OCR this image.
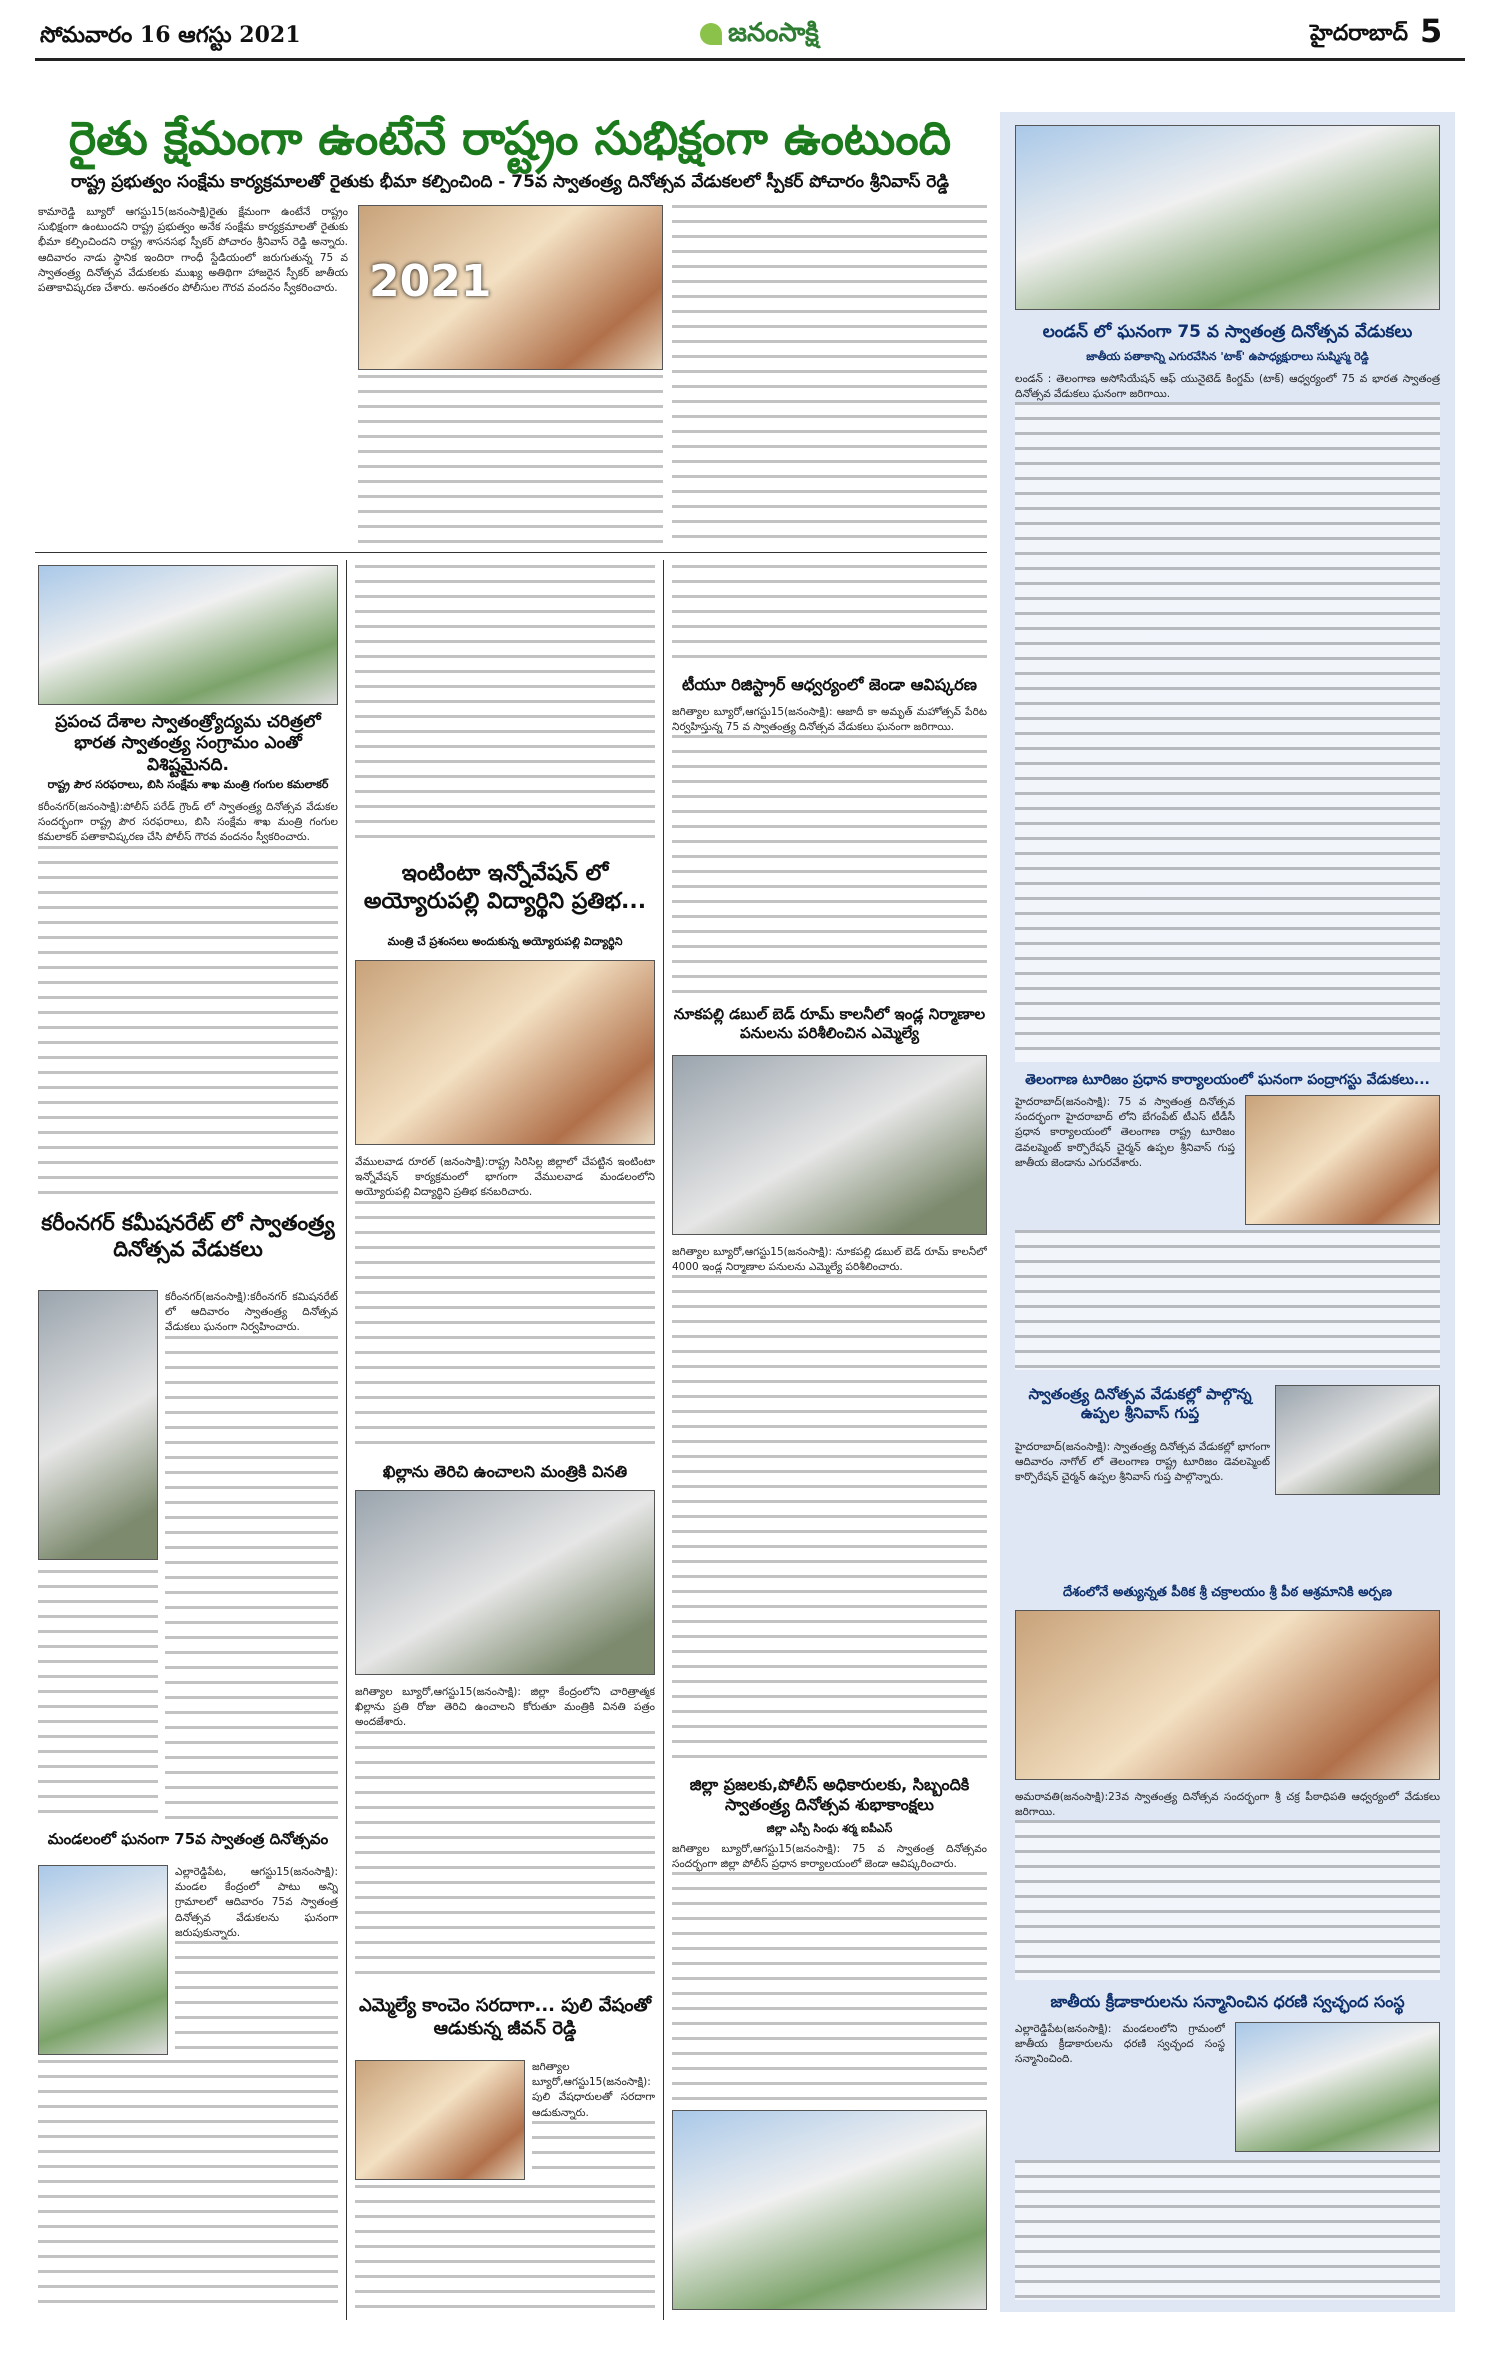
సోమవారం 16 ఆగస్టు 2021	జనంసాక్షి	హైదరాబాద్ 5
రైతు క్షేమంగా ఉంటేనే రాష్ట్రం సుభిక్షంగా ఉంటుంది
రాష్ట్ర ప్రభుత్వం సంక్షేమ కార్యక్రమాలతో రైతుకు భీమా కల్పించింది - 75వ స్వాతంత్ర్య దినోత్సవ వేడుకలలో స్పీకర్ పోచారం శ్రీనివాస్ రెడ్డి
కామారెడ్డి బ్యూరో ఆగస్టు15(జనంసాక్షి)రైతు క్షేమంగా ఉంటేనే రాష్ట్రం సుభిక్షంగా ఉంటుందని రాష్ట్ర ప్రభుత్వం అనేక సంక్షేమ కార్యక్రమాలతో రైతుకు భీమా కల్పించిందని రాష్ట్ర శాసనసభ స్పీకర్ పోచారం శ్రీనివాస్ రెడ్డి అన్నారు. ఆదివారం నాడు స్థానిక ఇందిరా గాంధీ స్టేడియంలో జరుగుతున్న 75 వ స్వాతంత్ర్య దినోత్సవ వేడుకలకు ముఖ్య అతిథిగా హాజరైన స్పీకర్ జాతీయ పతాకావిష్కరణ చేశారు. అనంతరం పోలీసుల గౌరవ వందనం స్వీకరించారు. 2021
ప్రపంచ దేశాల స్వాతంత్ర్యోద్యమ చరిత్రలో భారత స్వాతంత్ర్య సంగ్రామం ఎంతో విశిష్టమైనది.
రాష్ట్ర పౌర సరఫరాలు, బిసి సంక్షేమ శాఖ మంత్రి గంగుల కమలాకర్
కరీంనగర్(జనంసాక్షి):పోలీస్ పరేడ్ గ్రౌండ్ లో స్వాతంత్ర్య దినోత్సవ వేడుకల సందర్భంగా రాష్ట్ర పౌర సరఫరాలు, బిసి సంక్షేమ శాఖ మంత్రి గంగుల కమలాకర్ పతాకావిష్కరణ చేసి పోలీస్ గౌరవ వందనం స్వీకరించారు.
కరీంనగర్ కమీషనరేట్ లో స్వాతంత్ర్య దినోత్సవ వేడుకలు
కరీంనగర్(జనంసాక్షి):కరీంనగర్ కమిషనరేట్ లో ఆదివారం స్వాతంత్ర్య దినోత్సవ వేడుకలు ఘనంగా నిర్వహించారు.
మండలంలో ఘనంగా 75వ స్వాతంత్ర దినోత్సవం
ఎల్లారెడ్డిపేట, ఆగస్టు15(జనంసాక్షి): మండల కేంద్రంలో పాటు అన్ని గ్రామాలలో ఆదివారం 75వ స్వాతంత్ర దినోత్సవ వేడుకలను ఘనంగా జరుపుకున్నారు.
ఇంటింటా ఇన్నోవేషన్ లో అయ్యోరుపల్లి విద్యార్థిని ప్రతిభ...
మంత్రి చే ప్రశంసలు అందుకున్న అయ్యోరుపల్లి విద్యార్థిని
వేములవాడ రూరల్ (జనంసాక్షి):రాష్ట్ర సిరిసిల్ల జిల్లాలో చేపట్టిన ఇంటింటా ఇన్నోవేషన్ కార్యక్రమంలో భాగంగా వేములవాడ మండలంలోని అయ్యోరుపల్లి విద్యార్థిని ప్రతిభ కనబరిచారు.
ఖిల్లాను తెరిచి ఉంచాలని మంత్రికి వినతి
జగిత్యాల బ్యూరో,ఆగస్టు15(జనంసాక్షి): జిల్లా కేంద్రంలోని చారిత్రాత్మక ఖిల్లాను ప్రతి రోజు తెరిచి ఉంచాలని కోరుతూ మంత్రికి వినతి పత్రం అందజేశారు.
ఎమ్మెల్యే కాంచెం సరదాగా... పులి వేషంతో ఆడుకున్న జీవన్ రెడ్డి
జగిత్యాల బ్యూరో,ఆగస్టు15(జనంసాక్షి): పులి వేషధారులతో సరదాగా ఆడుకున్నారు.
టీయూ రిజిస్ట్రార్ ఆధ్వర్యంలో జెండా ఆవిష్కరణ
జగిత్యాల బ్యూరో,ఆగస్టు15(జనంసాక్షి): ఆజాదీ కా అమృత్ మహోత్సవ్ పేరిట నిర్వహిస్తున్న 75 వ స్వాతంత్ర్య దినోత్సవ వేడుకలు ఘనంగా జరిగాయి.
నూకపల్లి డబుల్ బెడ్ రూమ్ కాలనీలో ఇండ్ల నిర్మాణాల పనులను పరిశీలించిన ఎమ్మెల్యే
జగిత్యాల బ్యూరో,ఆగస్టు15(జనంసాక్షి): నూకపల్లి డబుల్ బెడ్ రూమ్ కాలనీలో 4000 ఇండ్ల నిర్మాణాల పనులను ఎమ్మెల్యే పరిశీలించారు.
జిల్లా ప్రజలకు,పోలీస్ అధికారులకు, సిబ్బందికి స్వాతంత్ర్య దినోత్సవ శుభాకాంక్షలు
జిల్లా ఎస్పీ సింధు శర్మ ఐపీఎస్
జగిత్యాల బ్యూరో,ఆగస్టు15(జనంసాక్షి): 75 వ స్వాతంత్ర దినోత్సవం సందర్భంగా జిల్లా పోలీస్ ప్రధాన కార్యాలయంలో జెండా ఆవిష్కరించారు.
లండన్ లో ఘనంగా 75 వ స్వాతంత్ర దినోత్సవ వేడుకలు
జాతీయ పతాకాన్ని ఎగురవేసిన 'టాక్' ఉపాధ్యక్షురాలు సుష్మిస్మ రెడ్డి
లండన్ : తెలంగాణ అసోసియేషన్ ఆఫ్ యునైటెడ్ కింగ్డమ్ (టాక్) ఆధ్వర్యంలో 75 వ భారత స్వాతంత్ర దినోత్సవ వేడుకలు ఘనంగా జరిగాయి.
తెలంగాణ టూరిజం ప్రధాన కార్యాలయంలో ఘనంగా పంద్రాగస్టు వేడుకలు...
హైదరాబాద్(జనంసాక్షి): 75 వ స్వాతంత్ర దినోత్సవ సందర్భంగా హైదరాబాద్ లోని బేగంపేట్ టీఎస్ టీడీసీ ప్రధాన కార్యాలయంలో తెలంగాణ రాష్ట్ర టూరిజం డెవలప్మెంట్ కార్పొరేషన్ చైర్మన్ ఉప్పల శ్రీనివాస్ గుప్త జాతీయ జెండాను ఎగురవేశారు.
స్వాతంత్ర్య దినోత్సవ వేడుకల్లో పాల్గొన్న ఉప్పల శ్రీనివాస్ గుప్త
హైదరాబాద్(జనంసాక్షి): స్వాతంత్ర్య దినోత్సవ వేడుకల్లో భాగంగా ఆదివారం నాగోల్ లో తెలంగాణ రాష్ట్ర టూరిజం డెవలప్మెంట్ కార్పొరేషన్ చైర్మన్ ఉప్పల శ్రీనివాస్ గుప్త పాల్గొన్నారు.
దేశంలోనే అత్యున్నత పీఠిక శ్రీ చక్రాలయం శ్రీ పీఠ ఆశ్రమానికి అర్పణ
అమరావతి(జనంసాక్షి):23వ స్వాతంత్ర్య దినోత్సవ సందర్భంగా శ్రీ చక్ర పీఠాధిపతి ఆధ్వర్యంలో వేడుకలు జరిగాయి.
జాతీయ క్రీడాకారులను సన్మానించిన ధరణి స్వచ్ఛంద సంస్థ
ఎల్లారెడ్డిపేట(జనంసాక్షి): మండలంలోని గ్రామంలో జాతీయ క్రీడాకారులను ధరణి స్వచ్ఛంద సంస్థ సన్మానించింది.
